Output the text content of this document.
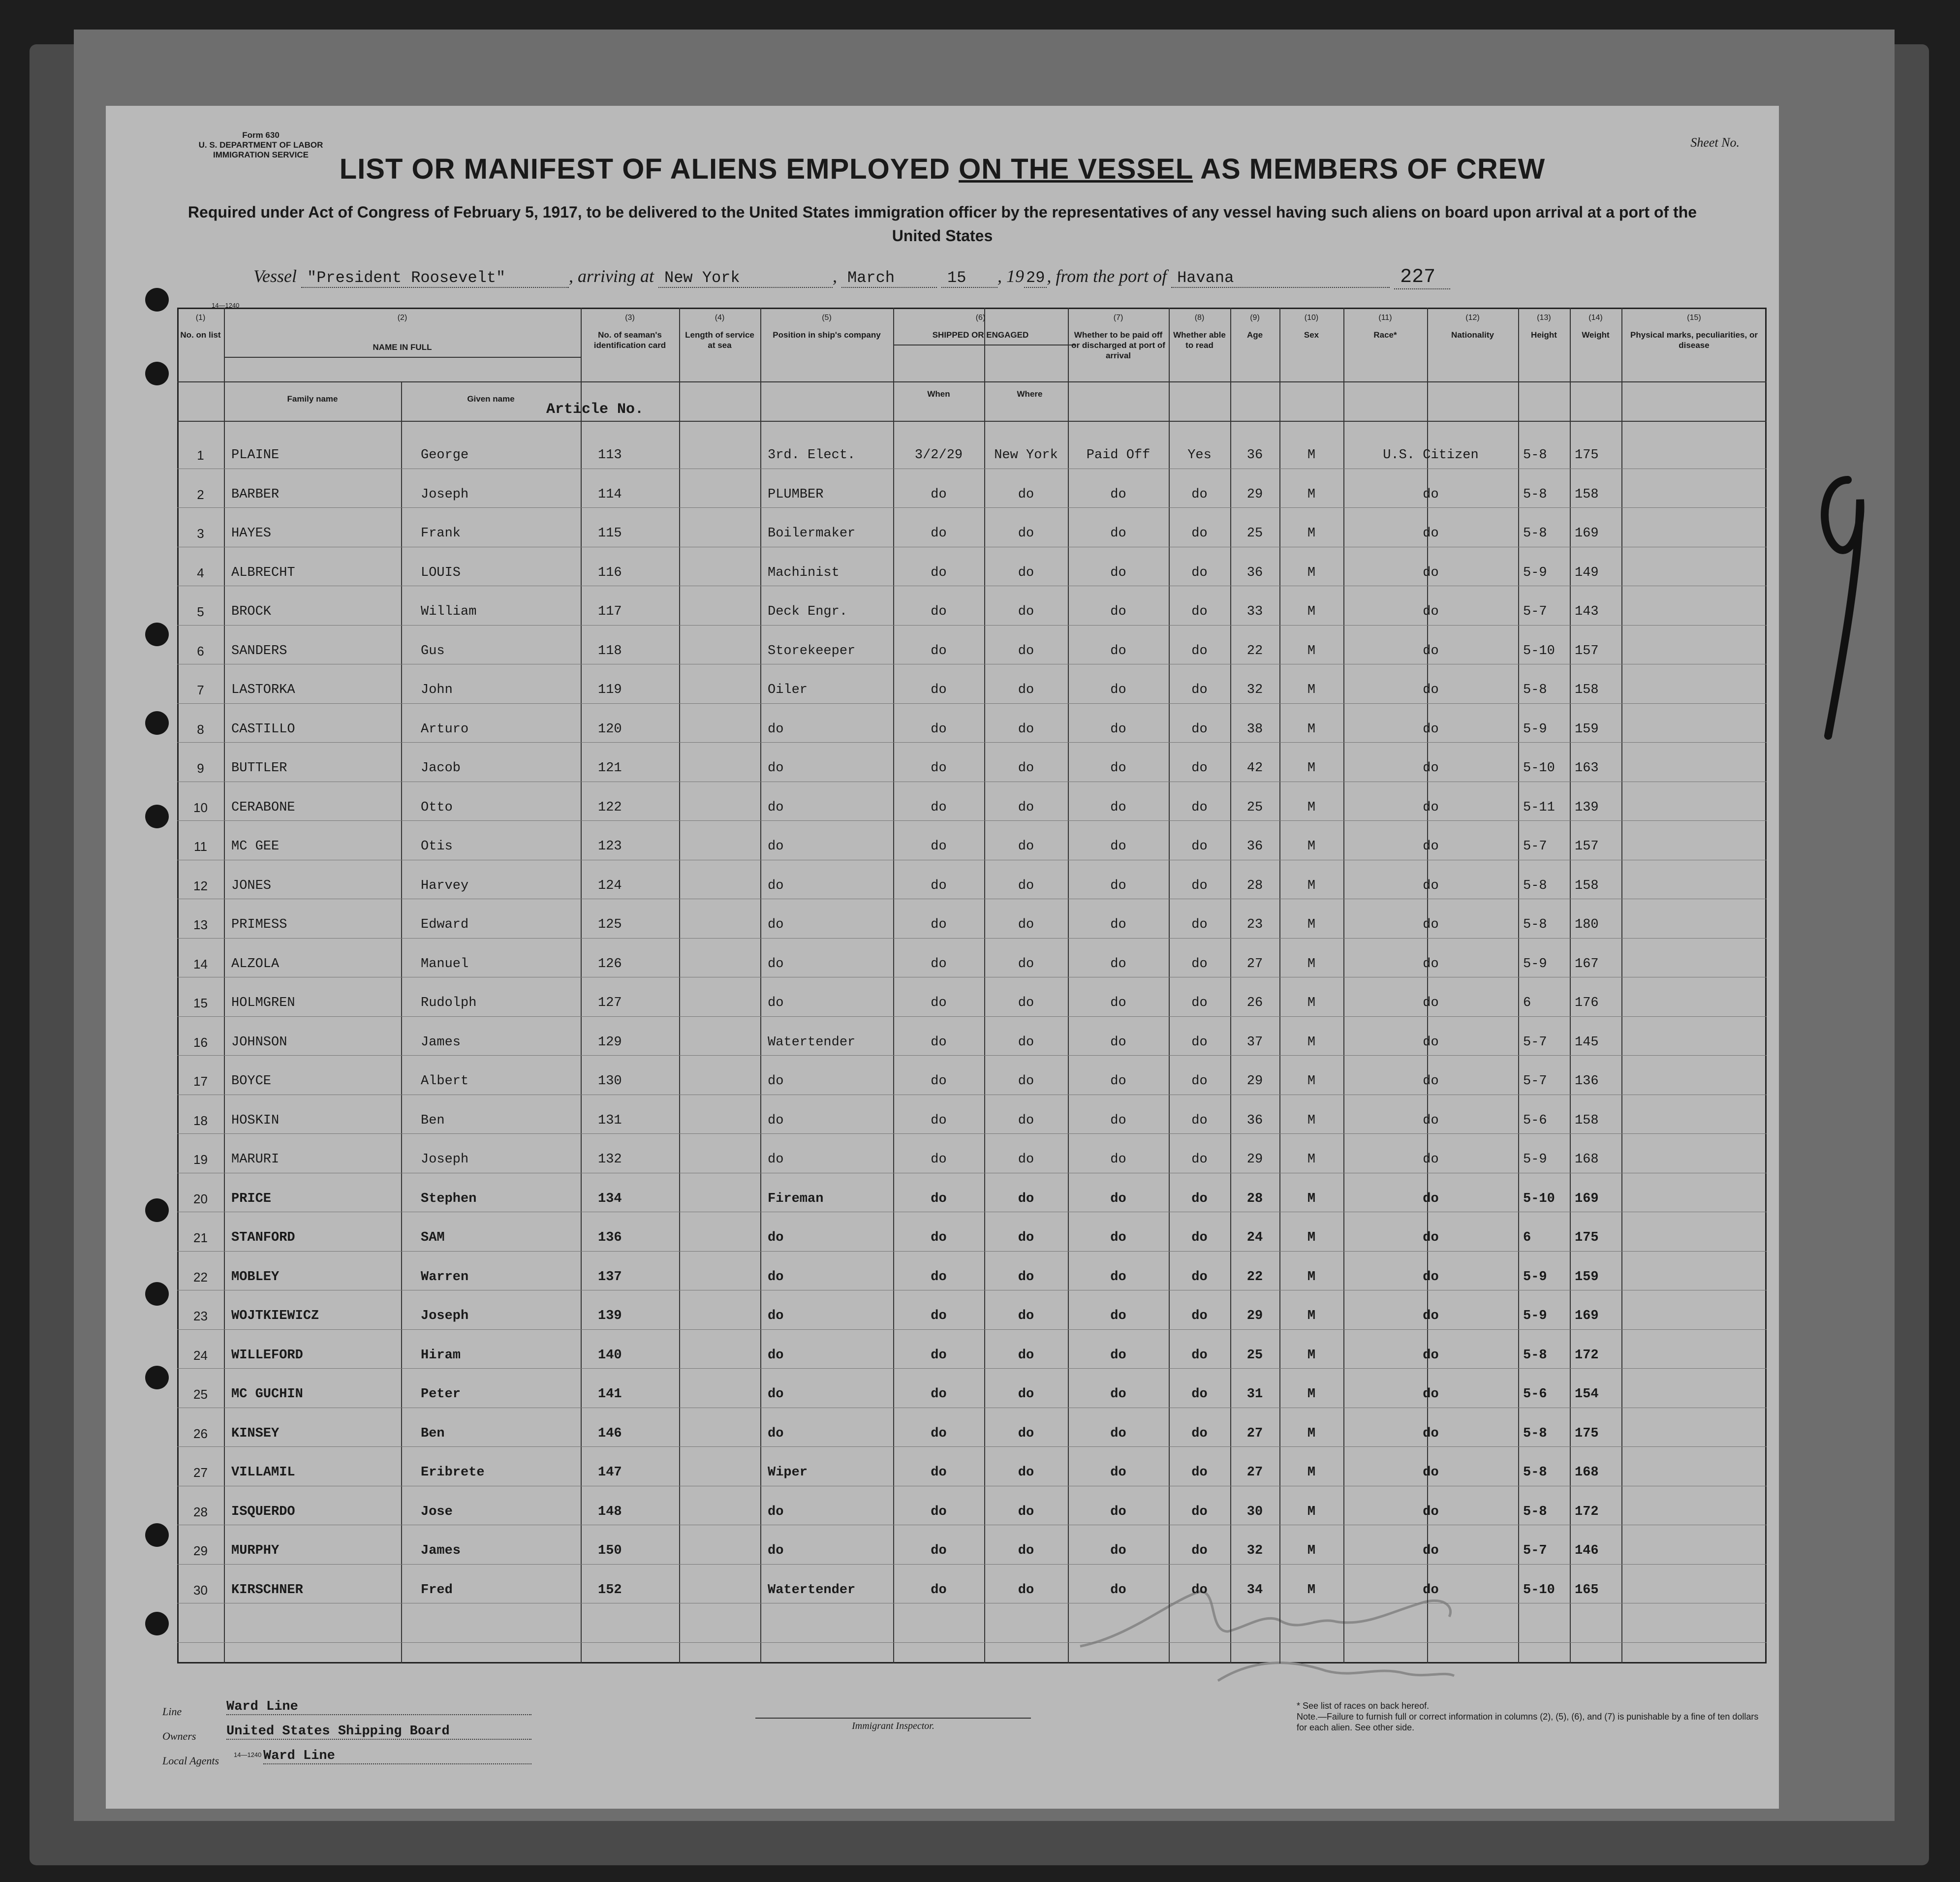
Form 630
U. S. DEPARTMENT OF LABOR
IMMIGRATION SERVICE
Sheet No.
LIST OR MANIFEST OF ALIENS EMPLOYED ON THE VESSEL AS MEMBERS OF CREW
Required under Act of Congress of February 5, 1917, to be delivered to the United States immigration officer by the representatives of any vessel having such aliens on board upon arrival at a port of the United States
Vessel "President Roosevelt"	, arriving at New York	, March	15 , 19 29 , from the port of Havana	227
14—1240
Line	Ward Line
Owners United States Shipping Board
Local Agents	Ward Line
14—1240
Immigrant Inspector.
* See list of races on back hereof.
Note.—Failure to furnish full or correct information in columns (2), (5), (6), and (7) is punishable by a fine of ten dollars for each alien. See other side.
(1)
No. on list
(2)
NAME IN FULL
(3)
No. of seaman's identification card
(4)
Length of service at sea
(5)
Position in ship's company
(6)
SHIPPED OR ENGAGED
(7)
Whether to be paid off or discharged at port of arrival
(8)
Whether able to read
(9)
Age
(10)
Sex
(11)
Race*
(12)
Nationality
(13)
Height
(14)
Weight
(15)
Physical marks, peculiarities, or disease
Family name	Given name
When	Where
Article No.
1	PLAINE	George	113	3rd. Elect.	3/2/29	New York	Paid Off	Yes	36	M	U.S. Citizen	5-8	175
2	BARBER	Joseph	114	PLUMBER	do	do	do	do	29	M	do	5-8	158
3	HAYES	Frank	115	Boilermaker	do	do	do	do	25	M	do	5-8	169
4	ALBRECHT	LOUIS	116	Machinist	do	do	do	do	36	M	do	5-9	149
5	BROCK	William	117	Deck Engr.	do	do	do	do	33	M	do	5-7	143
6	SANDERS	Gus	118	Storekeeper	do	do	do	do	22	M	do	5-10	157
7	LASTORKA	John	119	Oiler	do	do	do	do	32	M	do	5-8	158
8	CASTILLO	Arturo	120	do	do	do	do	do	38	M	do	5-9	159
9	BUTTLER	Jacob	121	do	do	do	do	do	42	M	do	5-10	163
10	CERABONE	Otto	122	do	do	do	do	do	25	M	do	5-11	139
11	MC GEE	Otis	123	do	do	do	do	do	36	M	do	5-7	157
12	JONES	Harvey	124	do	do	do	do	do	28	M	do	5-8	158
13	PRIMESS	Edward	125	do	do	do	do	do	23	M	do	5-8	180
14	ALZOLA	Manuel	126	do	do	do	do	do	27	M	do	5-9	167
15	HOLMGREN	Rudolph	127	do	do	do	do	do	26	M	do	6	176
16	JOHNSON	James	129	Watertender	do	do	do	do	37	M	do	5-7	145
17	BOYCE	Albert	130	do	do	do	do	do	29	M	do	5-7	136
18	HOSKIN	Ben	131	do	do	do	do	do	36	M	do	5-6	158
19	MARURI	Joseph	132	do	do	do	do	do	29	M	do	5-9	168
20	PRICE	Stephen	134	Fireman	do	do	do	do	28	M	do	5-10	169
21	STANFORD	SAM	136	do	do	do	do	do	24	M	do	6	175
22	MOBLEY	Warren	137	do	do	do	do	do	22	M	do	5-9	159
23	WOJTKIEWICZ	Joseph	139	do	do	do	do	do	29	M	do	5-9	169
24	WILLEFORD	Hiram	140	do	do	do	do	do	25	M	do	5-8	172
25	MC GUCHIN	Peter	141	do	do	do	do	do	31	M	do	5-6	154
26	KINSEY	Ben	146	do	do	do	do	do	27	M	do	5-8	175
27	VILLAMIL	Eribrete	147	Wiper	do	do	do	do	27	M	do	5-8	168
28	ISQUERDO	Jose	148	do	do	do	do	do	30	M	do	5-8	172
29	MURPHY	James	150	do	do	do	do	do	32	M	do	5-7	146
30	KIRSCHNER	Fred	152	Watertender	do	do	do	do	34	M	do	5-10	165
